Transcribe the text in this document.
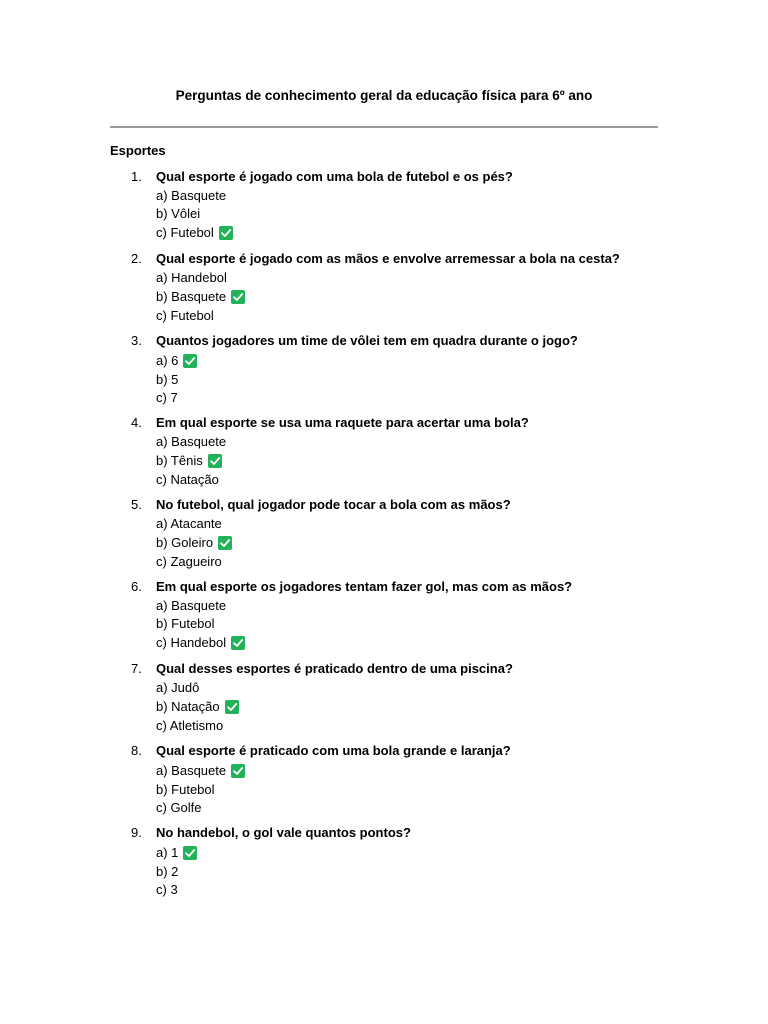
Perguntas de conhecimento geral da educação física para 6º ano
Esportes
1. Qual esporte é jogado com uma bola de futebol e os pés?
a) Basquete
b) Vôlei
c) Futebol
2. Qual esporte é jogado com as mãos e envolve arremessar a bola na cesta?
a) Handebol
b) Basquete
c) Futebol
3. Quantos jogadores um time de vôlei tem em quadra durante o jogo?
a) 6
b) 5
c) 7
4. Em qual esporte se usa uma raquete para acertar uma bola?
a) Basquete
b) Tênis
c) Natação
5. No futebol, qual jogador pode tocar a bola com as mãos?
a) Atacante
b) Goleiro
c) Zagueiro
6. Em qual esporte os jogadores tentam fazer gol, mas com as mãos?
a) Basquete
b) Futebol
c) Handebol
7. Qual desses esportes é praticado dentro de uma piscina?
a) Judô
b) Natação
c) Atletismo
8. Qual esporte é praticado com uma bola grande e laranja?
a) Basquete
b) Futebol
c) Golfe
9. No handebol, o gol vale quantos pontos?
a) 1
b) 2
c) 3
